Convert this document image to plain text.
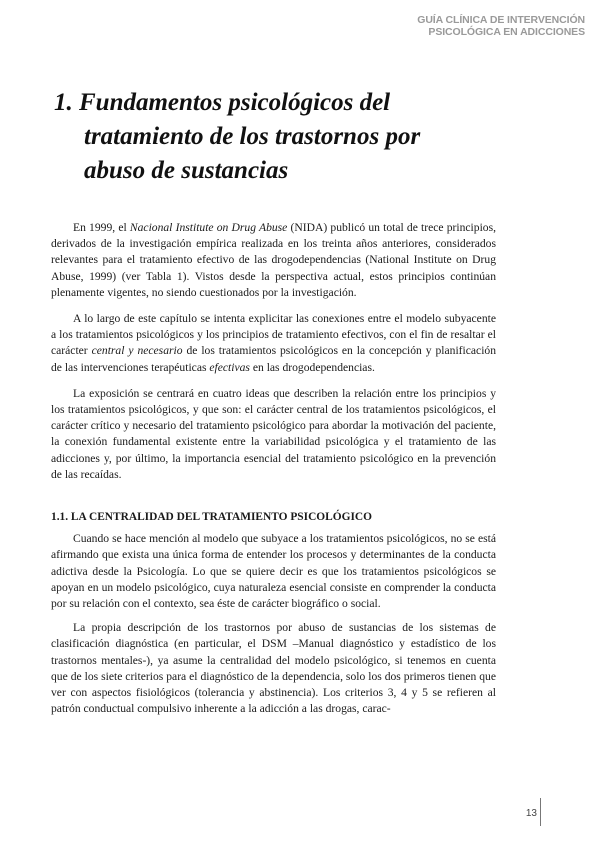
GUÍA CLÍNICA DE INTERVENCIÓN
PSICOLÓGICA EN ADICCIONES
1. Fundamentos psicológicos del
tratamiento de los trastornos por
abuso de sustancias

En 1999, el Nacional Institute on Drug Abuse (NIDA) publicó un total de trece principios, derivados de la investigación empírica realizada en los treinta años anteriores, considerados relevantes para el tratamiento efectivo de las drogodependencias (National Institute on Drug Abuse, 1999) (ver Tabla 1). Vistos desde la perspectiva actual, estos principios continúan plenamente vigentes, no siendo cuestionados por la investigación.

A lo largo de este capítulo se intenta explicitar las conexiones entre el modelo subyacente a los tratamientos psicológicos y los principios de tratamiento efectivos, con el fin de resaltar el carácter central y necesario de los tratamientos psicológicos en la concepción y planificación de las intervenciones terapéuticas efectivas en las drogodependencias.

La exposición se centrará en cuatro ideas que describen la relación entre los principios y los tratamientos psicológicos, y que son: el carácter central de los tratamientos psicológicos, el carácter crítico y necesario del tratamiento psicológico para abordar la motivación del paciente, la conexión fundamental existente entre la variabilidad psicológica y el tratamiento de las adicciones y, por último, la importancia esencial del tratamiento psicológico en la prevención de las recaídas.

1.1. LA CENTRALIDAD DEL TRATAMIENTO PSICOLÓGICO

Cuando se hace mención al modelo que subyace a los tratamientos psicológicos, no se está afirmando que exista una única forma de entender los procesos y determinantes de la conducta adictiva desde la Psicología. Lo que se quiere decir es que los tratamientos psicológicos se apoyan en un modelo psicológico, cuya naturaleza esencial consiste en comprender la conducta por su relación con el contexto, sea éste de carácter biográfico o social.

La propia descripción de los trastornos por abuso de sustancias de los sistemas de clasificación diagnóstica (en particular, el DSM –Manual diagnóstico y estadístico de los trastornos mentales-), ya asume la centralidad del modelo psicológico, si tenemos en cuenta que de los siete criterios para el diagnóstico de la dependencia, solo los dos primeros tienen que ver con aspectos fisiológicos (tolerancia y abstinencia). Los criterios 3, 4 y 5 se refieren al patrón conductual compulsivo inherente a la adicción a las drogas, carac-

13
